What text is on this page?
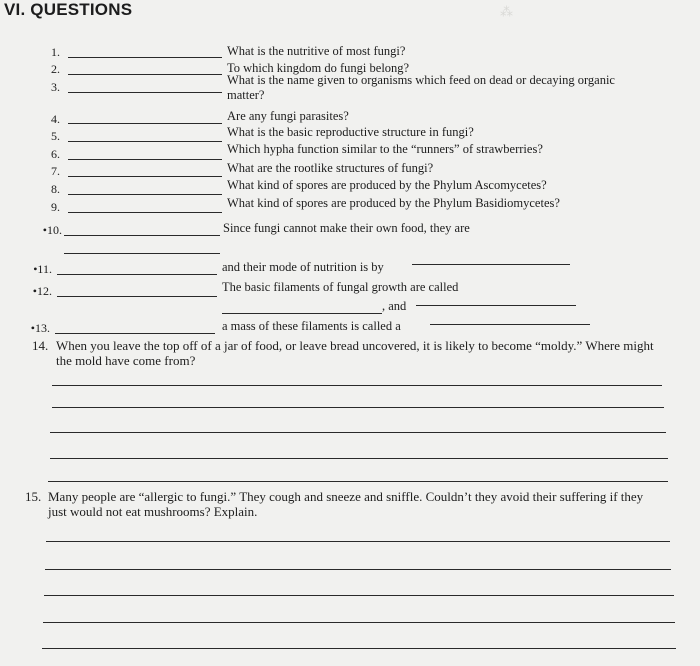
⁂
VI. QUESTIONS
1.	What is the nutritive of most fungi?
2.	To which kingdom do fungi belong?
3.	What is the name given to organisms which feed on dead or decaying organic matter?
4.	Are any fungi parasites?
5.	What is the basic reproductive structure in fungi?
6.	Which hypha function similar to the “runners” of strawberries?
7.	What are the rootlike structures of fungi?
8.	What kind of spores are produced by the Phylum Ascomycetes?
9.	What kind of spores are produced by the Phylum Basidiomycetes?
•10.	Since fungi cannot make their own food, they are
•11.	and their mode of nutrition is by
•12.	The basic filaments of fungal growth are called
, and
•13.	a mass of these filaments is called a
14. When you leave the top off of a jar of food, or leave bread uncovered, it is likely to become “moldy.” Where might the mold have come from?
15. Many people are “allergic to fungi.” They cough and sneeze and sniffle. Couldn’t they avoid their suffering if they just would not eat mushrooms? Explain.
